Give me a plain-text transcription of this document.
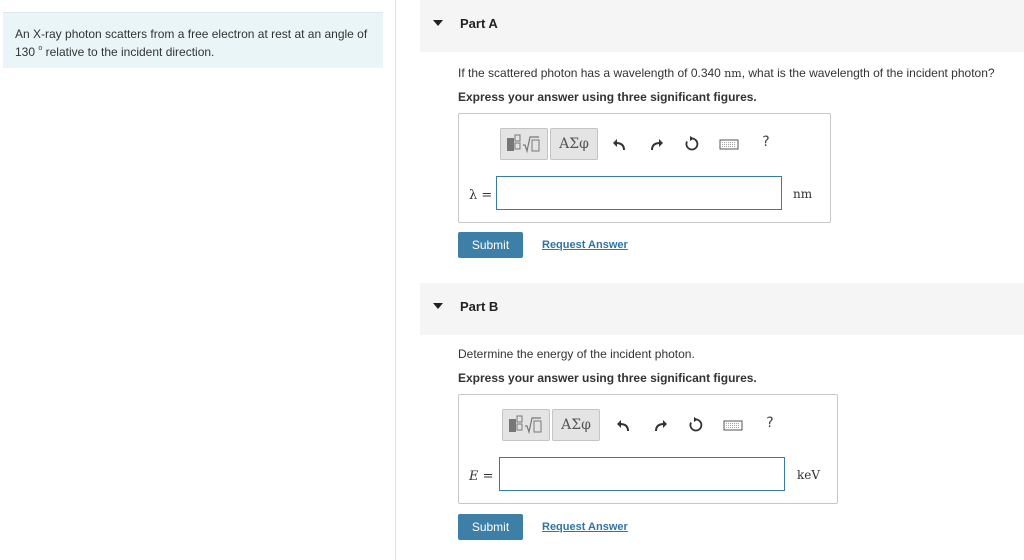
An X-ray photon scatters from a free electron at rest at an angle of 130 $^o$ relative to the incident direction.
Part A
If the scattered photon has a wavelength of 0.340 nm, what is the wavelength of the incident photon?
Express your answer using three significant figures.
ΑΣφ	?
λ =	nm
Submit	Request Answer
Part B
Determine the energy of the incident photon.
Express your answer using three significant figures.
ΑΣφ	?
E =	keV
Submit	Request Answer
